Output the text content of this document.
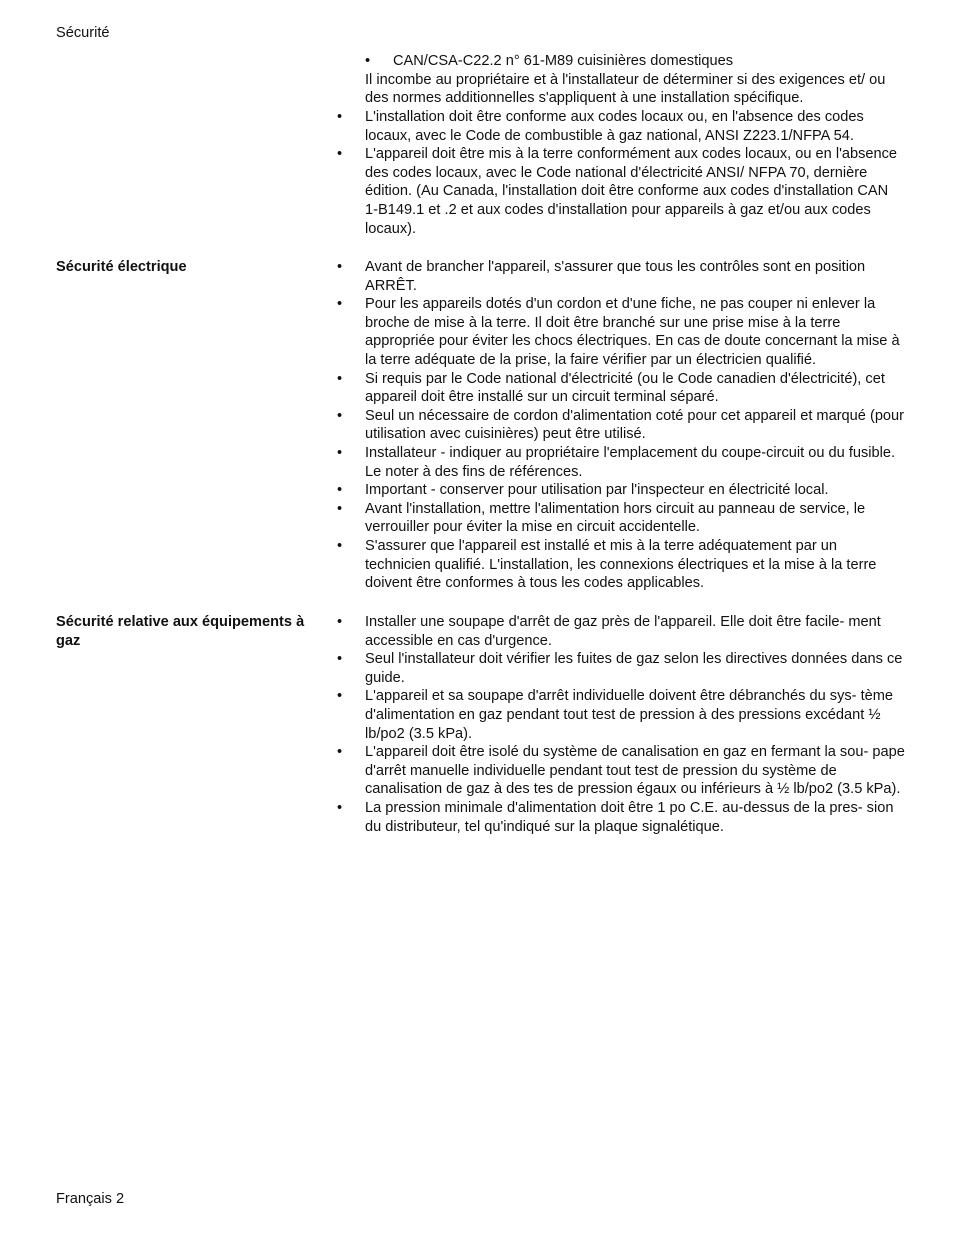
Sécurité
• CAN/CSA-C22.2 n° 61-M89 cuisinières domestiques
Il incombe au propriétaire et à l'installateur de déterminer si des exigences et/ ou des normes additionnelles s'appliquent à une installation spécifique.
• L'installation doit être conforme aux codes locaux ou, en l'absence des codes locaux, avec le Code de combustible à gaz national, ANSI Z223.1/NFPA 54.
• L'appareil doit être mis à la terre conformément aux codes locaux, ou en l'absence des codes locaux, avec le Code national d'électricité ANSI/ NFPA 70, dernière édition. (Au Canada, l'installation doit être conforme aux codes d'installation CAN 1-B149.1 et .2 et aux codes d'installation pour appareils à gaz et/ou aux codes locaux).
Sécurité électrique	• Avant de brancher l'appareil, s'assurer que tous les contrôles sont en position ARRÊT.
• Pour les appareils dotés d'un cordon et d'une fiche, ne pas couper ni enlever la broche de mise à la terre. Il doit être branché sur une prise mise à la terre appropriée pour éviter les chocs électriques. En cas de doute concernant la mise à la terre adéquate de la prise, la faire vérifier par un électricien qualifié.
• Si requis par le Code national d'électricité (ou le Code canadien d'électricité), cet appareil doit être installé sur un circuit terminal séparé.
• Seul un nécessaire de cordon d'alimentation coté pour cet appareil et marqué (pour utilisation avec cuisinières) peut être utilisé.
• Installateur - indiquer au propriétaire l'emplacement du coupe-circuit ou du fusible. Le noter à des fins de références.
• Important - conserver pour utilisation par l'inspecteur en électricité local.
• Avant l'installation, mettre l'alimentation hors circuit au panneau de service, le verrouiller pour éviter la mise en circuit accidentelle.
• S'assurer que l'appareil est installé et mis à la terre adéquatement par un technicien qualifié. L'installation, les connexions électriques et la mise à la terre doivent être conformes à tous les codes applicables.
Sécurité relative aux équipements à gaz
• Installer une soupape d'arrêt de gaz près de l'appareil. Elle doit être facile- ment accessible en cas d'urgence.
• Seul l'installateur doit vérifier les fuites de gaz selon les directives données dans ce guide.
• L'appareil et sa soupape d'arrêt individuelle doivent être débranchés du sys- tème d'alimentation en gaz pendant tout test de pression à des pressions excédant ½ lb/po2 (3.5 kPa).
• L'appareil doit être isolé du système de canalisation en gaz en fermant la sou- pape d'arrêt manuelle individuelle pendant tout test de pression du système de canalisation de gaz à des tes de pression égaux ou inférieurs à ½ lb/po2 (3.5 kPa).
• La pression minimale d'alimentation doit être 1 po C.E. au-dessus de la pres- sion du distributeur, tel qu'indiqué sur la plaque signalétique.
Français 2
